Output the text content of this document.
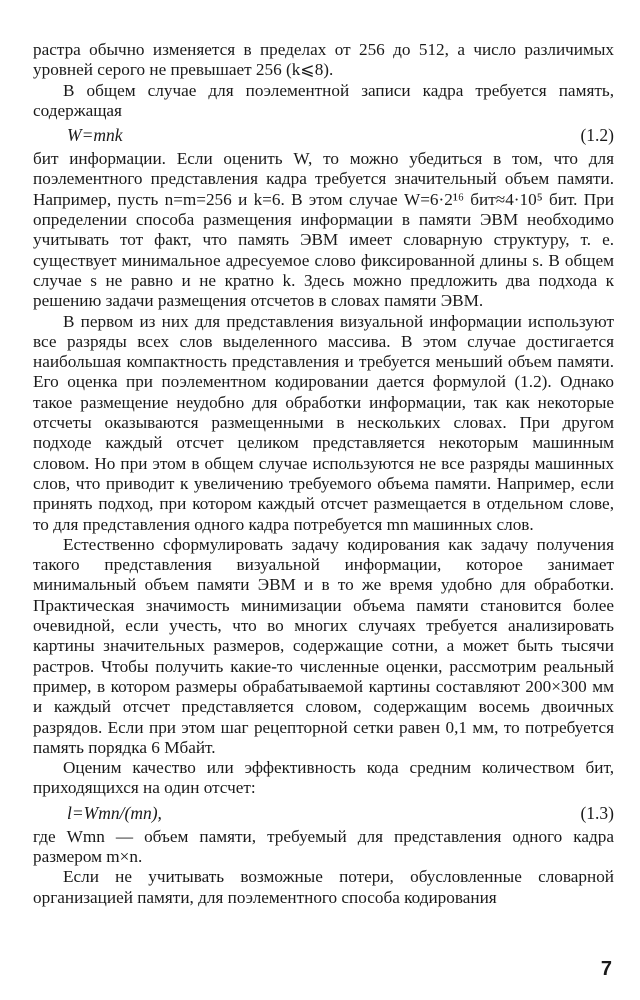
растра обычно изменяется в пределах от 256 до 512, а число различимых уровней серого не превышает 256 (k⩽8).

В общем случае для поэлементной записи кадра требуется память, содержащая

W=mnk	(1.2)

бит информации. Если оценить W, то можно убедиться в том, что для поэлементного представления кадра требуется значительный объем памяти. Например, пусть n=m=256 и k=6. В этом случае W=6·2¹⁶ бит≈4·10⁵ бит. При определении способа размещения информации в памяти ЭВМ необходимо учитывать тот факт, что память ЭВМ имеет словарную структуру, т. е. существует минимальное адресуемое слово фиксированной длины s. В общем случае s не равно и не кратно k. Здесь можно предложить два подхода к решению задачи размещения отсчетов в словах памяти ЭВМ.

В первом из них для представления визуальной информации используют все разряды всех слов выделенного массива. В этом случае достигается наибольшая компактность представления и требуется меньший объем памяти. Его оценка при поэлементном кодировании дается формулой (1.2). Однако такое размещение неудобно для обработки информации, так как некоторые отсчеты оказываются размещенными в нескольких словах. При другом подходе каждый отсчет целиком представляется некоторым машинным словом. Но при этом в общем случае используются не все разряды машинных слов, что приводит к увеличению требуемого объема памяти. Например, если принять подход, при котором каждый отсчет размещается в отдельном слове, то для представления одного кадра потребуется mn машинных слов.

Естественно сформулировать задачу кодирования как задачу получения такого представления визуальной информации, которое занимает минимальный объем памяти ЭВМ и в то же время удобно для обработки. Практическая значимость минимизации объема памяти становится более очевидной, если учесть, что во многих случаях требуется анализировать картины значительных размеров, содержащие сотни, а может быть тысячи растров. Чтобы получить какие-то численные оценки, рассмотрим реальный пример, в котором размеры обрабатываемой картины составляют 200×300 мм и каждый отсчет представляется словом, содержащим восемь двоичных разрядов. Если при этом шаг рецепторной сетки равен 0,1 мм, то потребуется память порядка 6 Мбайт.

Оценим качество или эффективность кода средним количеством бит, приходящихся на один отсчет:

l=Wmn/(mn),	(1.3)

где Wmn — объем памяти, требуемый для представления одного кадра размером m×n.

Если не учитывать возможные потери, обусловленные словарной организацией памяти, для поэлементного способа кодирования

7
